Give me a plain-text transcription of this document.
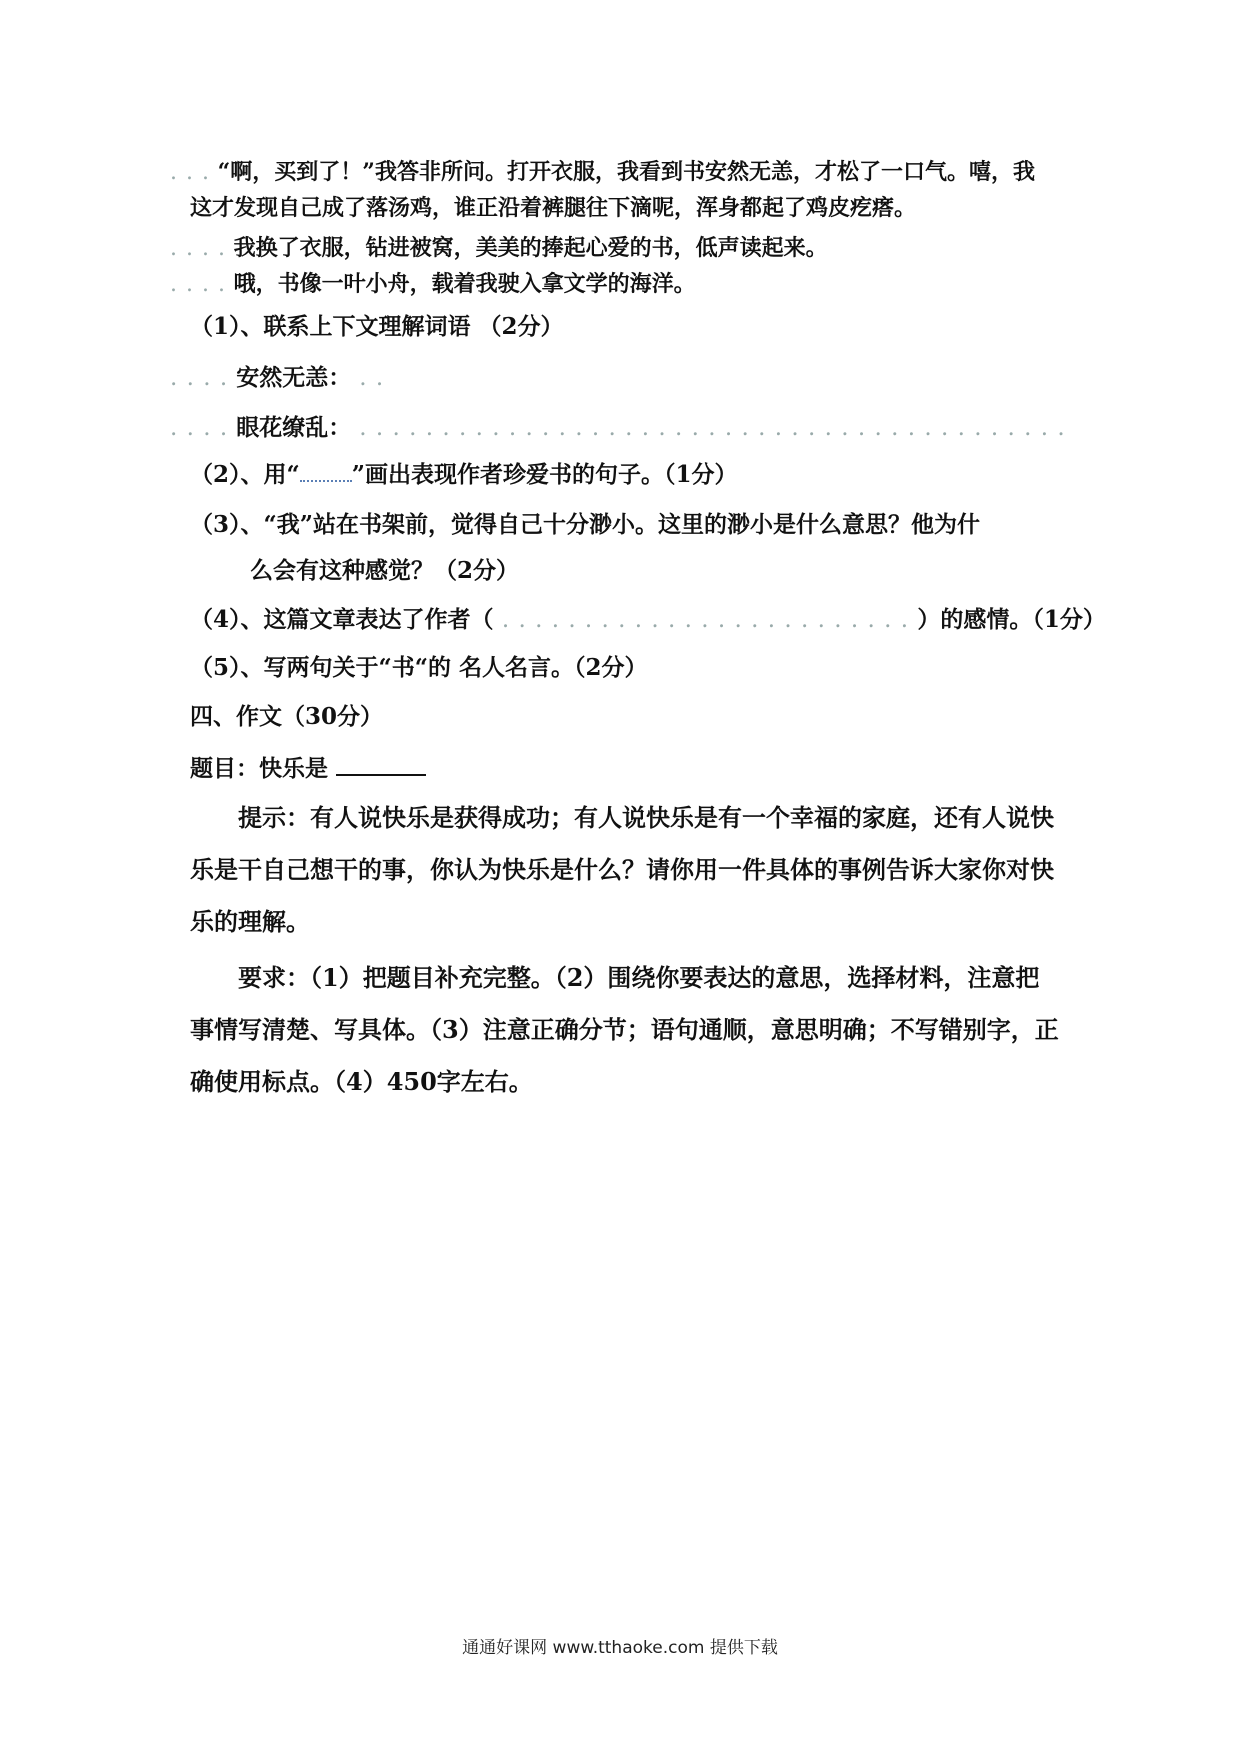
. . . “啊，买到了！”我答非所问。打开衣服，我看到书安然无恙，才松了一口气。嘻，我
这才发现自己成了落汤鸡，谁正沿着裤腿往下滴呢，浑身都起了鸡皮疙瘩。
. . . . 我换了衣服，钻进被窝，美美的捧起心爱的书，低声读起来。
. . . . 哦，书像一叶小舟，载着我驶入拿文学的海洋。
（1）、联系上下文理解词语 （2分）
. . . . 安然无恙： . .
. . . . 眼花缭乱： . . . . . . . . . . . . . . . . . . . . . . . . . . . . . . . . . . . . . . . . . . .
（2）、用“ ”画出表现作者珍爱书的句子。（1分）
（3）、“我”站在书架前，觉得自己十分渺小。这里的渺小是什么意思？他为什
么会有这种感觉？（2分）
（4）、这篇文章表达了作者（ . . . . . . . . . . . . . . . . . . . . . . . . . ）的感情。（1分）
（5）、写两句关于“书“的 名人名言。（2分）
四、作文（30分）
题目：快乐是
提示：有人说快乐是获得成功；有人说快乐是有一个幸福的家庭，还有人说快乐是干自己想干的事，你认为快乐是什么？请你用一件具体的事例告诉大家你对快乐的理解。
要求：（1）把题目补充完整。（2）围绕你要表达的意思，选择材料，注意把事情写清楚、写具体。（3）注意正确分节；语句通顺，意思明确；不写错别字，正确使用标点。（4）450字左右。
通通好课网 www.tthaoke.com 提供下载
